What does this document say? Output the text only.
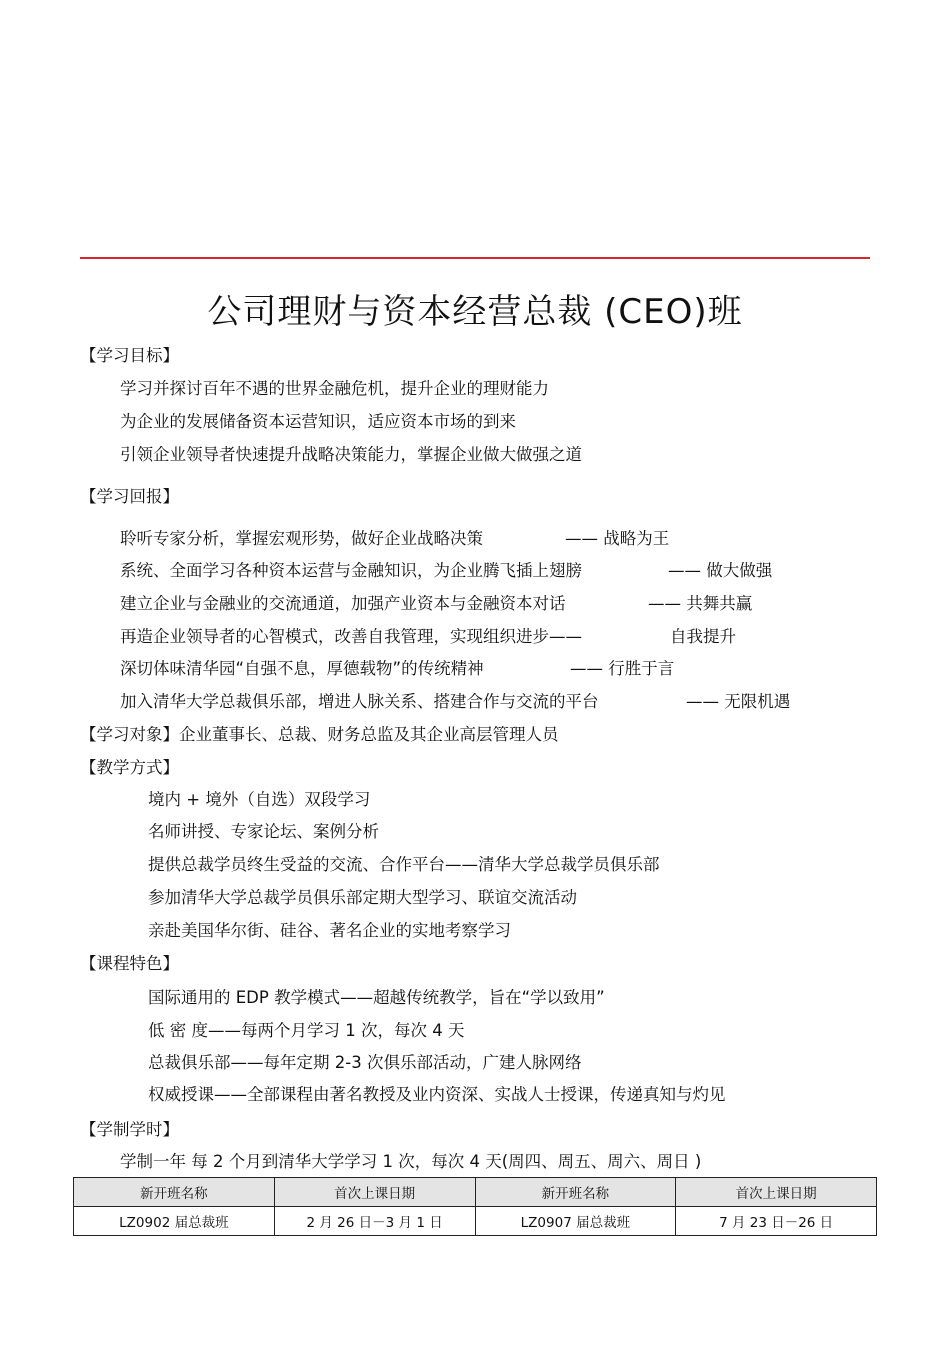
公司理财与资本经营总裁 (CEO)班
【学习目标】
学习并探讨百年不遇的世界金融危机，提升企业的理财能力
为企业的发展储备资本运营知识，适应资本市场的到来
引领企业领导者快速提升战略决策能力，掌握企业做大做强之道
【学习回报】
聆听专家分析，掌握宏观形势，做好企业战略决策	—— 战略为王
系统、全面学习各种资本运营与金融知识，为企业腾飞插上翅膀	—— 做大做强
建立企业与金融业的交流通道，加强产业资本与金融资本对话	—— 共舞共赢
再造企业领导者的心智模式，改善自我管理，实现组织进步——	自我提升
深切体味清华园“自强不息，厚德载物”的传统精神	—— 行胜于言
加入清华大学总裁俱乐部，增进人脉关系、搭建合作与交流的平台	—— 无限机遇
【学习对象】企业董事长、总裁、财务总监及其企业高层管理人员
【教学方式】
境内 + 境外（自选）双段学习
名师讲授、专家论坛、案例分析
提供总裁学员终生受益的交流、合作平台——清华大学总裁学员俱乐部
参加清华大学总裁学员俱乐部定期大型学习、联谊交流活动
亲赴美国华尔街、硅谷、著名企业的实地考察学习
【课程特色】
国际通用的 EDP 教学模式——超越传统教学，旨在“学以致用”
低 密 度——每两个月学习 1 次，每次 4 天
总裁俱乐部——每年定期 2-3 次俱乐部活动，广建人脉网络
权威授课——全部课程由著名教授及业内资深、实战人士授课，传递真知与灼见
【学制学时】
学制一年 每 2 个月到清华大学学习 1 次，每次 4 天(周四、周五、周六、周日 )
新开班名称	首次上课日期	新开班名称	首次上课日期
LZ0902 届总裁班	2 月 26 日－3 月 1 日	LZ0907 届总裁班	7 月 23 日－26 日
